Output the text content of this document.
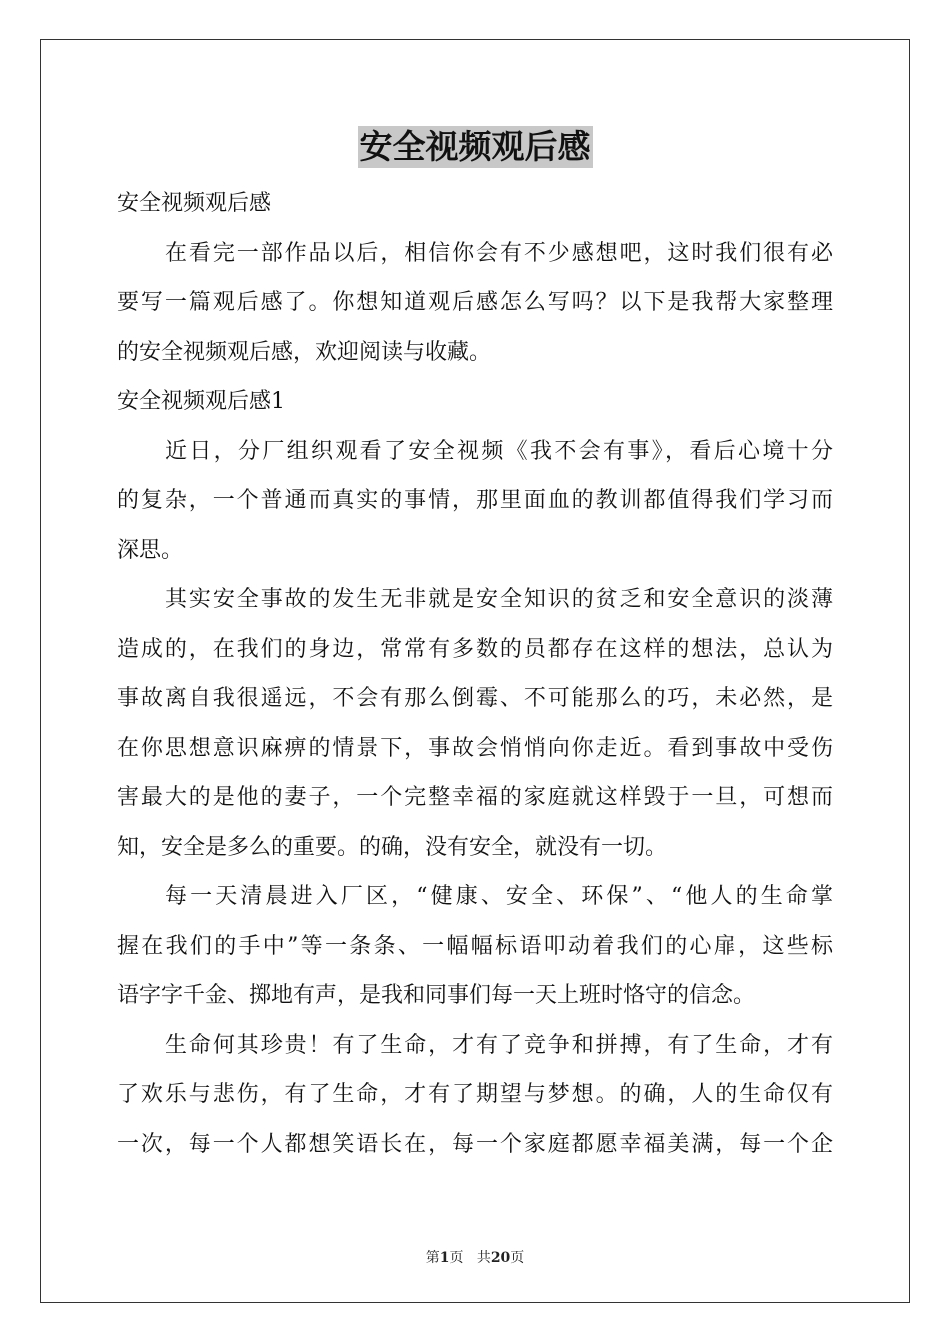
安全视频观后感
安全视频观后感
在看完一部作品以后，相信你会有不少感想吧，这时我们很有必
要写一篇观后感了。你想知道观后感怎么写吗？以下是我帮大家整理
的安全视频观后感，欢迎阅读与收藏。
安全视频观后感1
近日，分厂组织观看了安全视频《我不会有事》，看后心境十分
的复杂，一个普通而真实的事情，那里面血的教训都值得我们学习而
深思。
其实安全事故的发生无非就是安全知识的贫乏和安全意识的淡薄
造成的，在我们的身边，常常有多数的员都存在这样的想法，总认为
事故离自我很遥远，不会有那么倒霉、不可能那么的巧，未必然，是
在你思想意识麻痹的情景下，事故会悄悄向你走近。看到事故中受伤
害最大的是他的妻子，一个完整幸福的家庭就这样毁于一旦，可想而
知，安全是多么的重要。的确，没有安全，就没有一切。
每一天清晨进入厂区，“健康、安全、环保”、“他人的生命掌
握在我们的手中”等一条条、一幅幅标语叩动着我们的心扉，这些标
语字字千金、掷地有声，是我和同事们每一天上班时恪守的信念。
生命何其珍贵！有了生命，才有了竞争和拼搏，有了生命，才有
了欢乐与悲伤，有了生命，才有了期望与梦想。的确，人的生命仅有
一次，每一个人都想笑语长在，每一个家庭都愿幸福美满，每一个企
第1页 共20页
